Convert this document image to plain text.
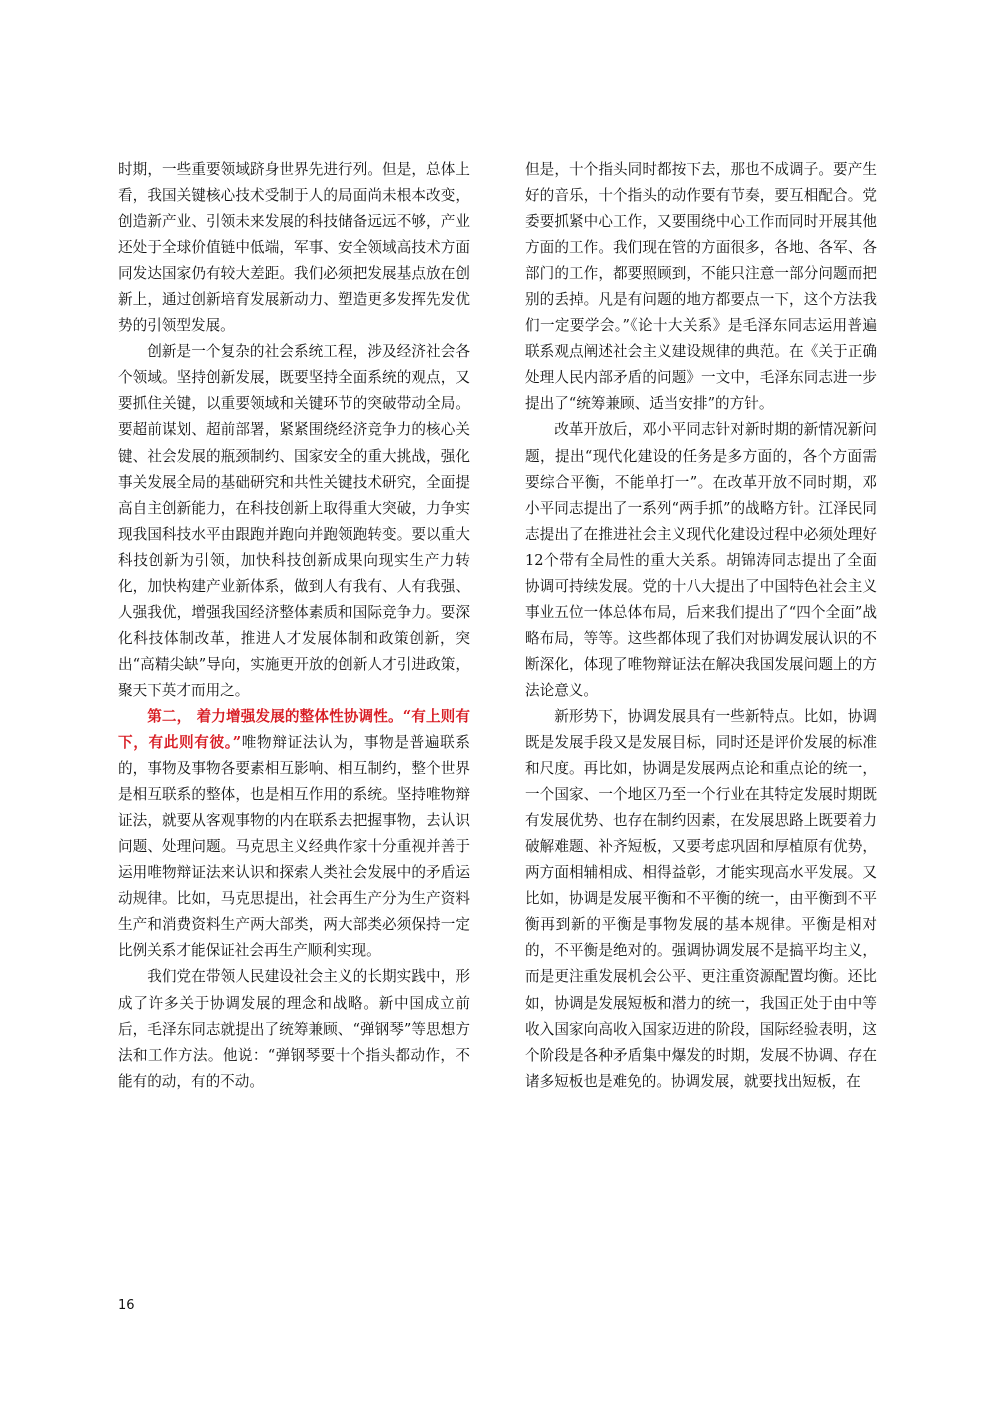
时期，一些重要领域跻身世界先进行列。但是，总体上看，我国关键核心技术受制于人的局面尚未根本改变，创造新产业、引领未来发展的科技储备远远不够，产业还处于全球价值链中低端，军事、安全领域高技术方面同发达国家仍有较大差距。我们必须把发展基点放在创新上，通过创新培育发展新动力、塑造更多发挥先发优势的引领型发展。

创新是一个复杂的社会系统工程，涉及经济社会各个领域。坚持创新发展，既要坚持全面系统的观点，又要抓住关键，以重要领域和关键环节的突破带动全局。要超前谋划、超前部署，紧紧围绕经济竞争力的核心关键、社会发展的瓶颈制约、国家安全的重大挑战，强化事关发展全局的基础研究和共性关键技术研究，全面提高自主创新能力，在科技创新上取得重大突破，力争实现我国科技水平由跟跑并跑向并跑领跑转变。要以重大科技创新为引领，加快科技创新成果向现实生产力转化，加快构建产业新体系，做到人有我有、人有我强、人强我优，增强我国经济整体素质和国际竞争力。要深化科技体制改革，推进人才发展体制和政策创新，突出“高精尖缺”导向，实施更开放的创新人才引进政策，聚天下英才而用之。

第二， 着力增强发展的整体性协调性。“有上则有下，有此则有彼。”唯物辩证法认为，事物是普遍联系的，事物及事物各要素相互影响、相互制约，整个世界是相互联系的整体，也是相互作用的系统。坚持唯物辩证法，就要从客观事物的内在联系去把握事物，去认识问题、处理问题。马克思主义经典作家十分重视并善于运用唯物辩证法来认识和探索人类社会发展中的矛盾运动规律。比如，马克思提出，社会再生产分为生产资料生产和消费资料生产两大部类，两大部类必须保持一定比例关系才能保证社会再生产顺利实现。

我们党在带领人民建设社会主义的长期实践中，形成了许多关于协调发展的理念和战略。新中国成立前后，毛泽东同志就提出了统筹兼顾、“弹钢琴”等思想方法和工作方法。他说：“弹钢琴要十个指头都动作，不能有的动，有的不动。

但是，十个指头同时都按下去，那也不成调子。要产生好的音乐，十个指头的动作要有节奏，要互相配合。党委要抓紧中心工作，又要围绕中心工作而同时开展其他方面的工作。我们现在管的方面很多，各地、各军、各部门的工作，都要照顾到，不能只注意一部分问题而把别的丢掉。凡是有问题的地方都要点一下，这个方法我们一定要学会。”《论十大关系》是毛泽东同志运用普遍联系观点阐述社会主义建设规律的典范。在《关于正确处理人民内部矛盾的问题》一文中，毛泽东同志进一步提出了“统筹兼顾、适当安排”的方针。

改革开放后，邓小平同志针对新时期的新情况新问题，提出“现代化建设的任务是多方面的，各个方面需要综合平衡，不能单打一”。在改革开放不同时期，邓小平同志提出了一系列“两手抓”的战略方针。江泽民同志提出了在推进社会主义现代化建设过程中必须处理好12个带有全局性的重大关系。胡锦涛同志提出了全面协调可持续发展。党的十八大提出了中国特色社会主义事业五位一体总体布局，后来我们提出了“四个全面”战略布局，等等。这些都体现了我们对协调发展认识的不断深化，体现了唯物辩证法在解决我国发展问题上的方法论意义。

新形势下，协调发展具有一些新特点。比如，协调既是发展手段又是发展目标，同时还是评价发展的标准和尺度。再比如，协调是发展两点论和重点论的统一，一个国家、一个地区乃至一个行业在其特定发展时期既有发展优势、也存在制约因素，在发展思路上既要着力破解难题、补齐短板，又要考虑巩固和厚植原有优势，两方面相辅相成、相得益彰，才能实现高水平发展。又比如，协调是发展平衡和不平衡的统一，由平衡到不平衡再到新的平衡是事物发展的基本规律。平衡是相对的，不平衡是绝对的。强调协调发展不是搞平均主义，而是更注重发展机会公平、更注重资源配置均衡。还比如，协调是发展短板和潜力的统一，我国正处于由中等收入国家向高收入国家迈进的阶段，国际经验表明，这个阶段是各种矛盾集中爆发的时期，发展不协调、存在诸多短板也是难免的。协调发展，就要找出短板，在

16
